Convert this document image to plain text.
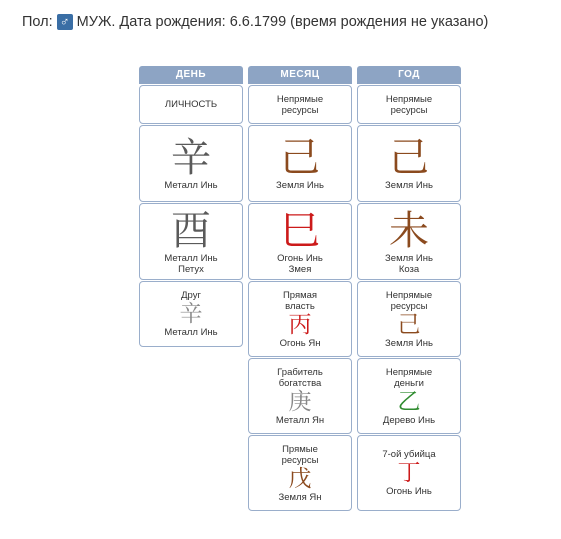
Пол: ♂ МУЖ. Дата рождения: 6.6.1799 (время рождения не указано)
ДЕНЬ
ЛИЧНОСТЬ
辛
Металл Инь
酉
Металл Инь
Петух
Друг
辛
Металл Инь
МЕСЯЦ
Непрямые ресурсы
己
Земля Инь
巳
Огонь Инь
Змея
Прямая власть
丙
Огонь Ян
Грабитель богатства
庚
Металл Ян
Прямые ресурсы
戊
Земля Ян
ГОД
Непрямые ресурсы
己
Земля Инь
未
Земля Инь
Коза
Непрямые ресурсы
己
Земля Инь
Непрямые деньги
乙
Дерево Инь
7-ой убийца
丁
Огонь Инь
